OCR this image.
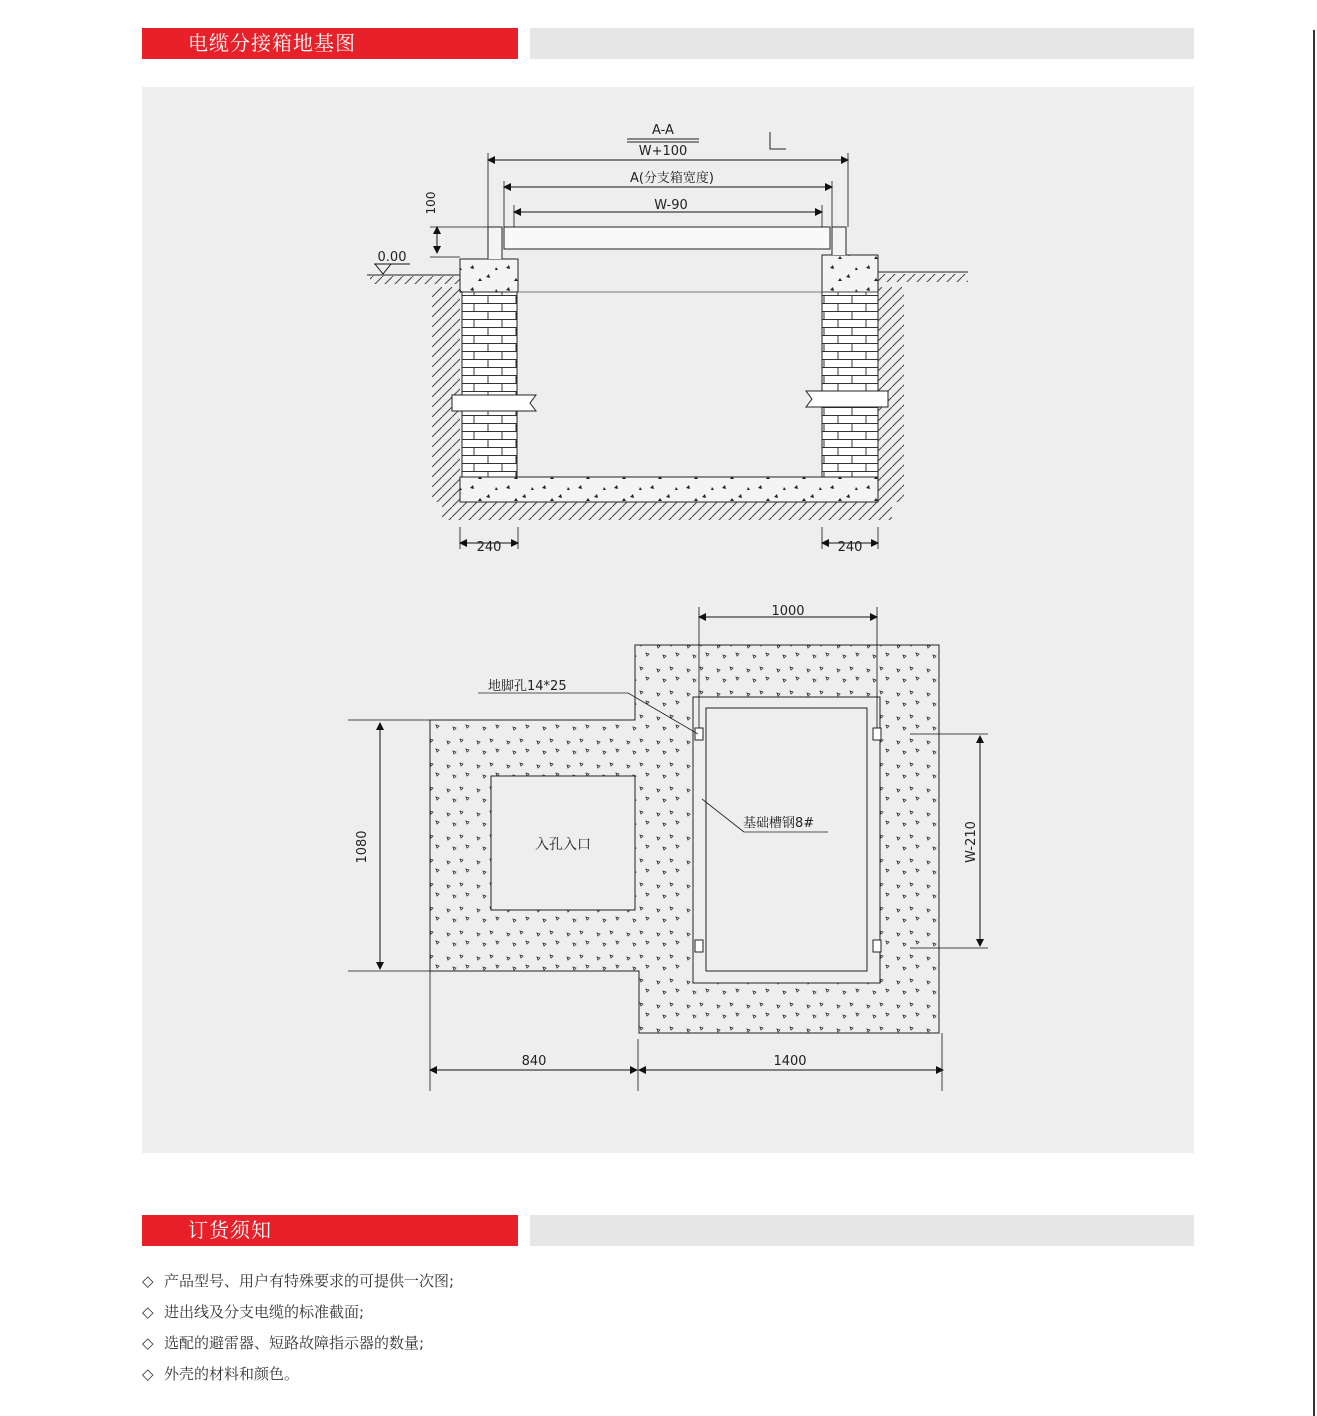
电缆分接箱地基图
A-A
W+100
A(分支箱宽度)
W-90
100
0.00
240	240
入孔入口
地脚孔14*25
基础槽钢8#
1000
1080	W-210
840	1400
订货须知
◇ 产品型号、用户有特殊要求的可提供一次图;
◇ 进出线及分支电缆的标准截面;
◇ 选配的避雷器、短路故障指示器的数量;
◇ 外壳的材料和颜色。
